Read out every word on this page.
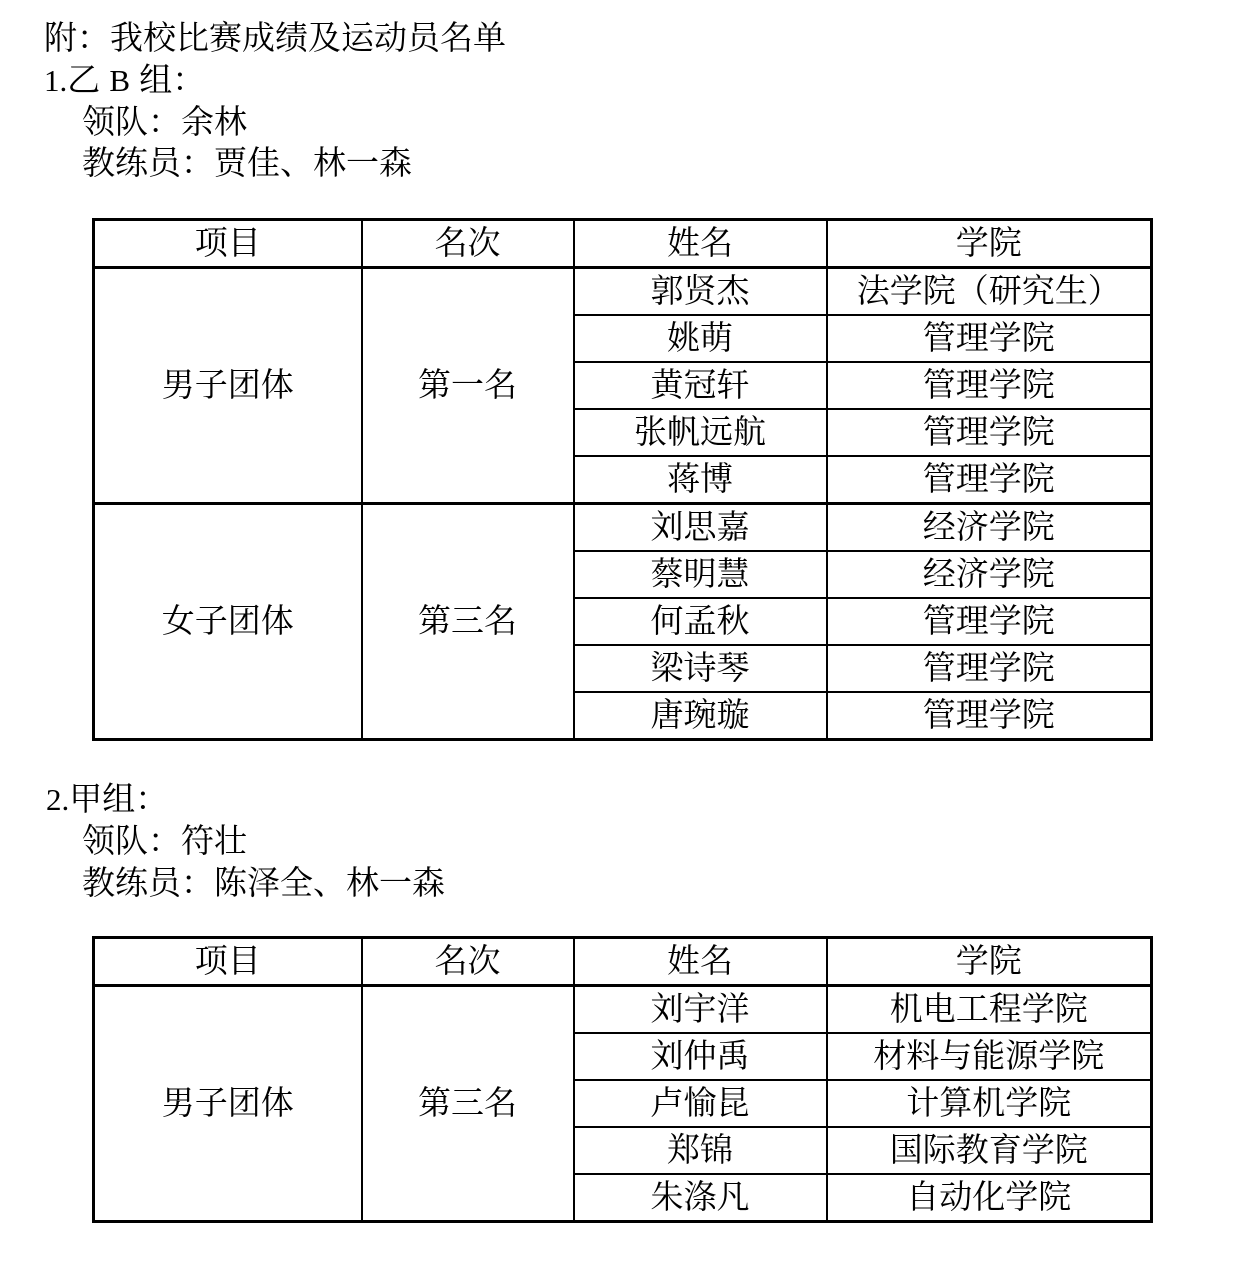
附：我校比赛成绩及运动员名单
1.乙 B 组：
领队：余林
教练员：贾佳、林一森
项目	名次	姓名	学院
男子团体	第一名	郭贤杰	法学院（研究生）
		姚萌	管理学院
		黄冠轩	管理学院
		张帆远航	管理学院
		蒋博	管理学院
女子团体	第三名	刘思嘉	经济学院
		蔡明慧	经济学院
		何孟秋	管理学院
		梁诗琴	管理学院
		唐琬璇	管理学院
2.甲组：
领队：符壮
教练员：陈泽全、林一森
项目	名次	姓名	学院
男子团体	第三名	刘宇洋	机电工程学院
		刘仲禹	材料与能源学院
		卢愉昆	计算机学院
		郑锦	国际教育学院
		朱涤凡	自动化学院
